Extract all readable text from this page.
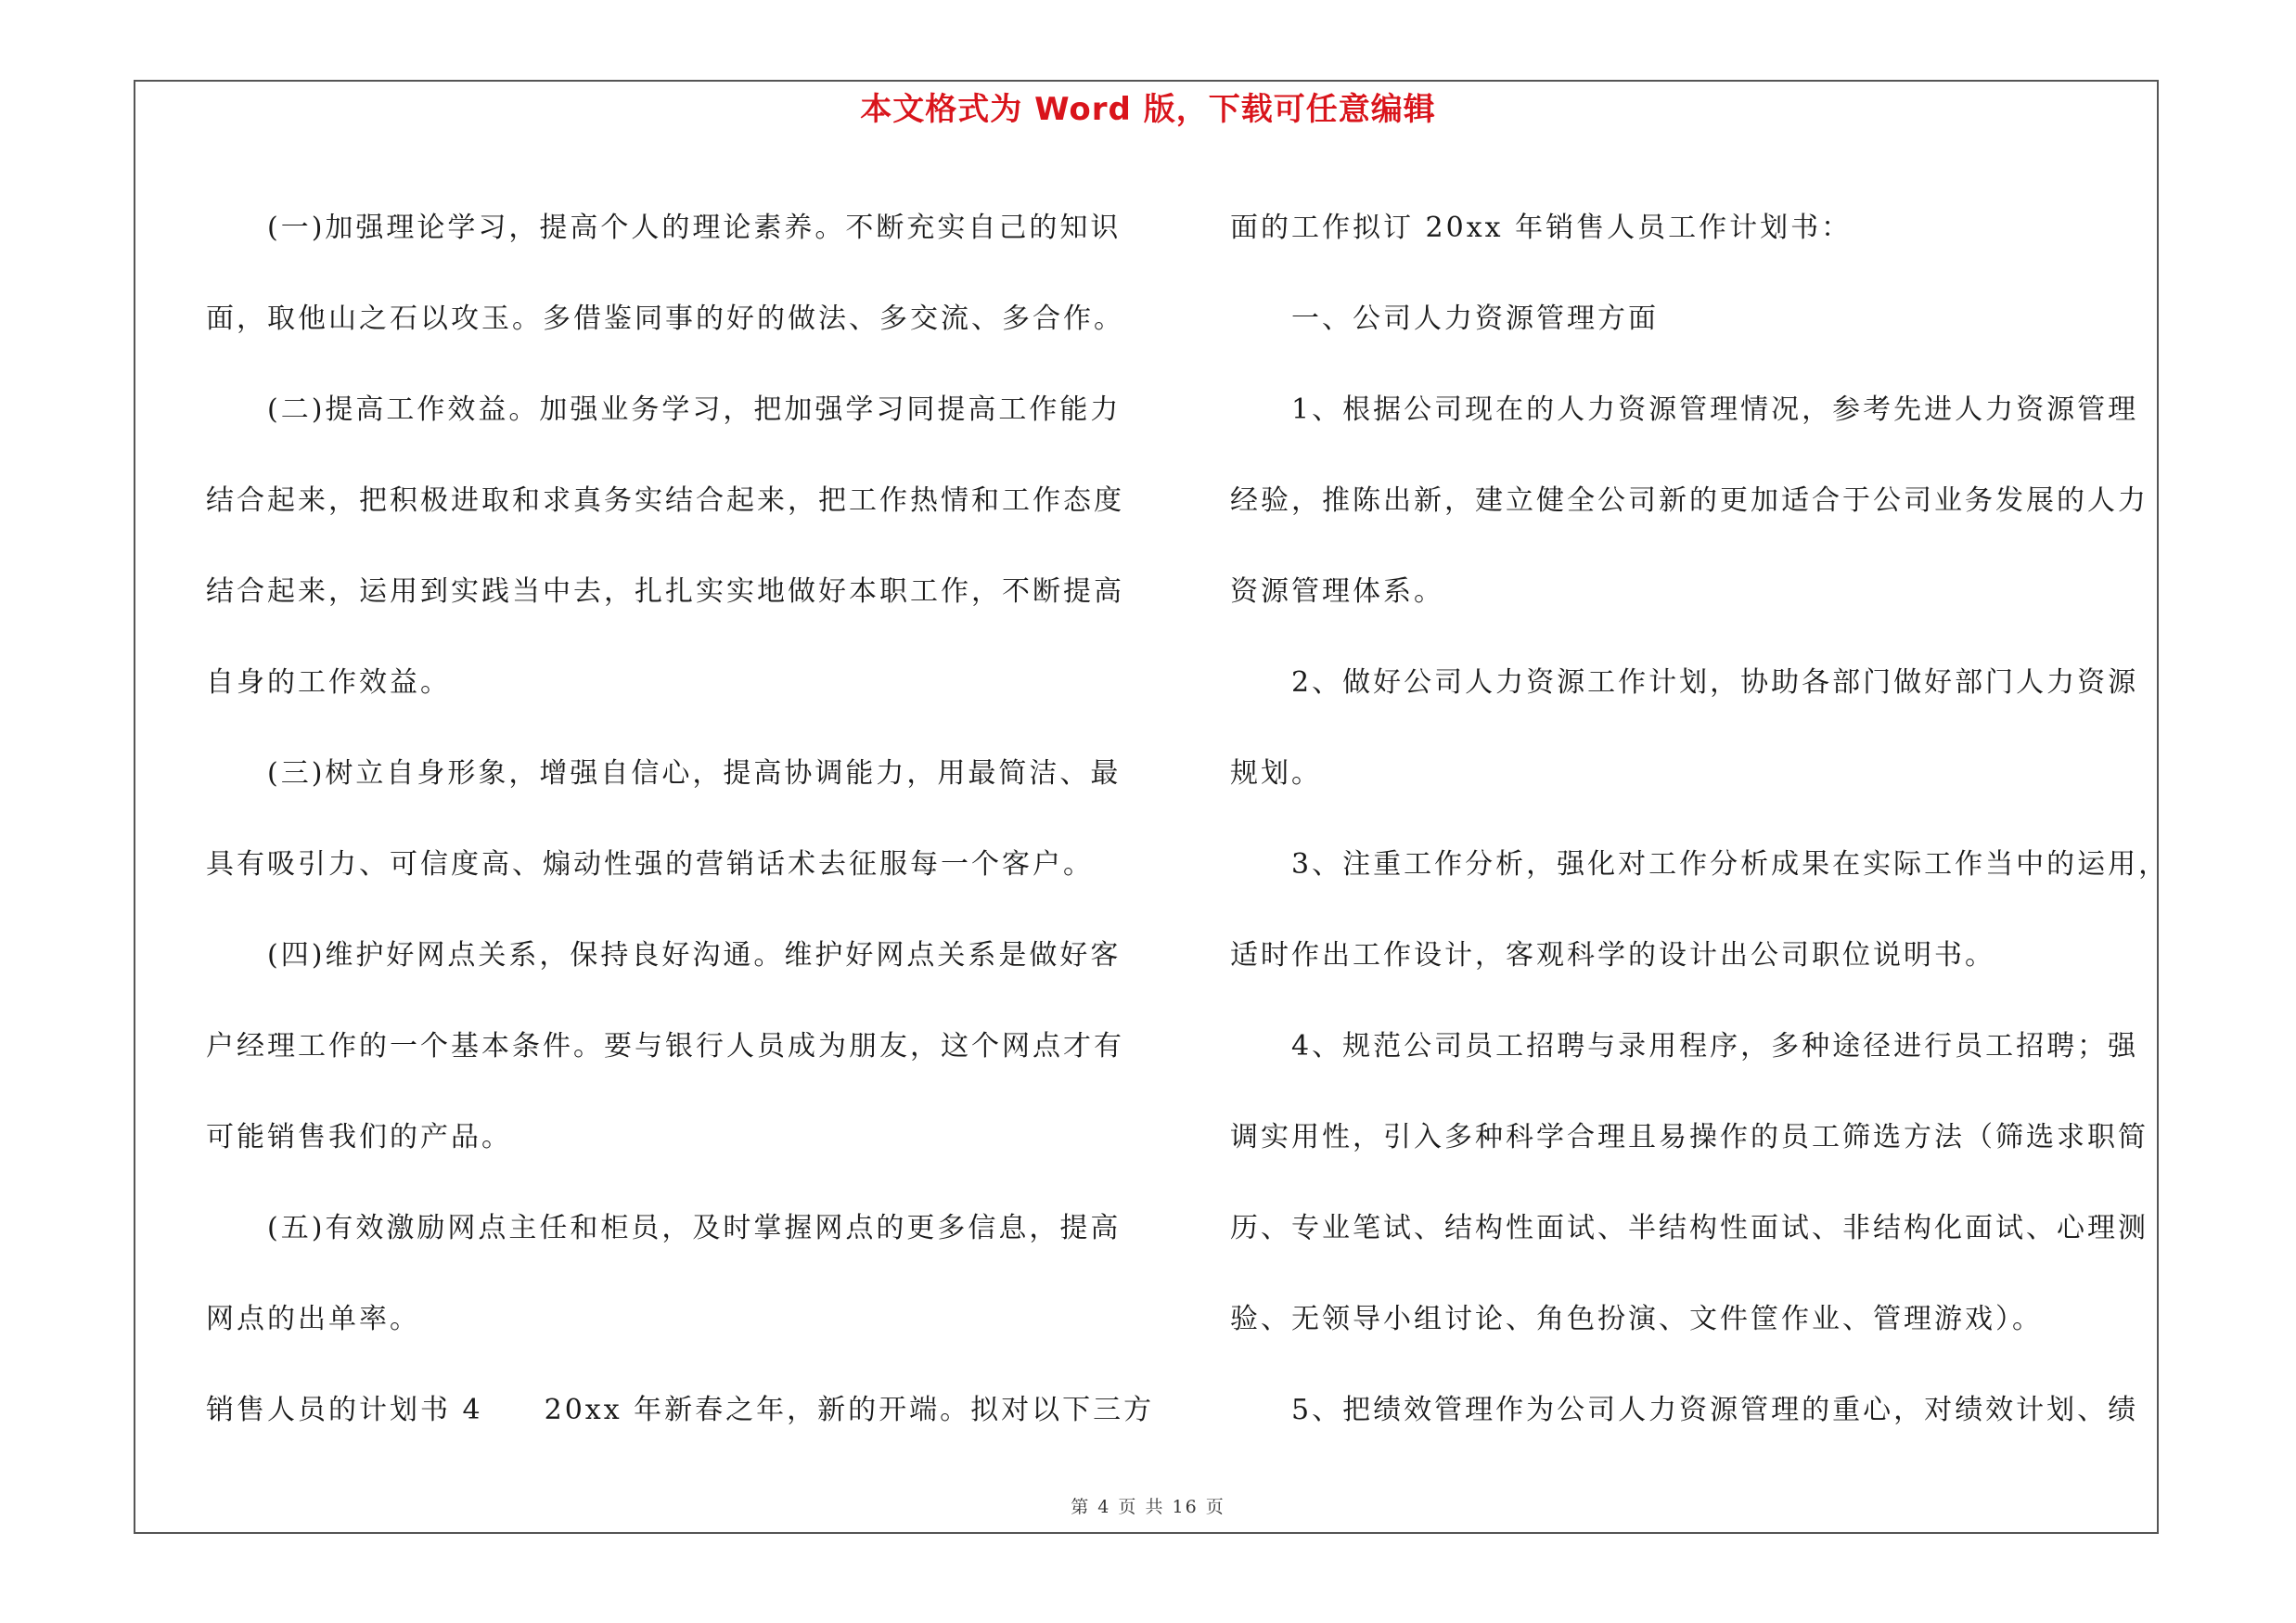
本文格式为 Word 版，下载可任意编辑
　　(一)加强理论学习，提高个人的理论素养。不断充实自己的知识
面，取他山之石以攻玉。多借鉴同事的好的做法、多交流、多合作。
　　(二)提高工作效益。加强业务学习，把加强学习同提高工作能力
结合起来，把积极进取和求真务实结合起来，把工作热情和工作态度
结合起来，运用到实践当中去，扎扎实实地做好本职工作，不断提高
自身的工作效益。
　　(三)树立自身形象，增强自信心，提高协调能力，用最简洁、最
具有吸引力、可信度高、煽动性强的营销话术去征服每一个客户。
　　(四)维护好网点关系，保持良好沟通。维护好网点关系是做好客
户经理工作的一个基本条件。要与银行人员成为朋友，这个网点才有
可能销售我们的产品。
　　(五)有效激励网点主任和柜员，及时掌握网点的更多信息，提高
网点的出单率。
销售人员的计划书 4　　20xx 年新春之年，新的开端。拟对以下三方
面的工作拟订 20xx 年销售人员工作计划书：
　　一、公司人力资源管理方面
　　1、根据公司现在的人力资源管理情况，参考先进人力资源管理
经验，推陈出新，建立健全公司新的更加适合于公司业务发展的人力
资源管理体系。
　　2、做好公司人力资源工作计划，协助各部门做好部门人力资源
规划。
　　3、注重工作分析，强化对工作分析成果在实际工作当中的运用，
适时作出工作设计，客观科学的设计出公司职位说明书。
　　4、规范公司员工招聘与录用程序，多种途径进行员工招聘；强
调实用性，引入多种科学合理且易操作的员工筛选方法（筛选求职简
历、专业笔试、结构性面试、半结构性面试、非结构化面试、心理测
验、无领导小组讨论、角色扮演、文件筐作业、管理游戏）。
　　5、把绩效管理作为公司人力资源管理的重心，对绩效计划、绩
第 4 页 共 16 页
